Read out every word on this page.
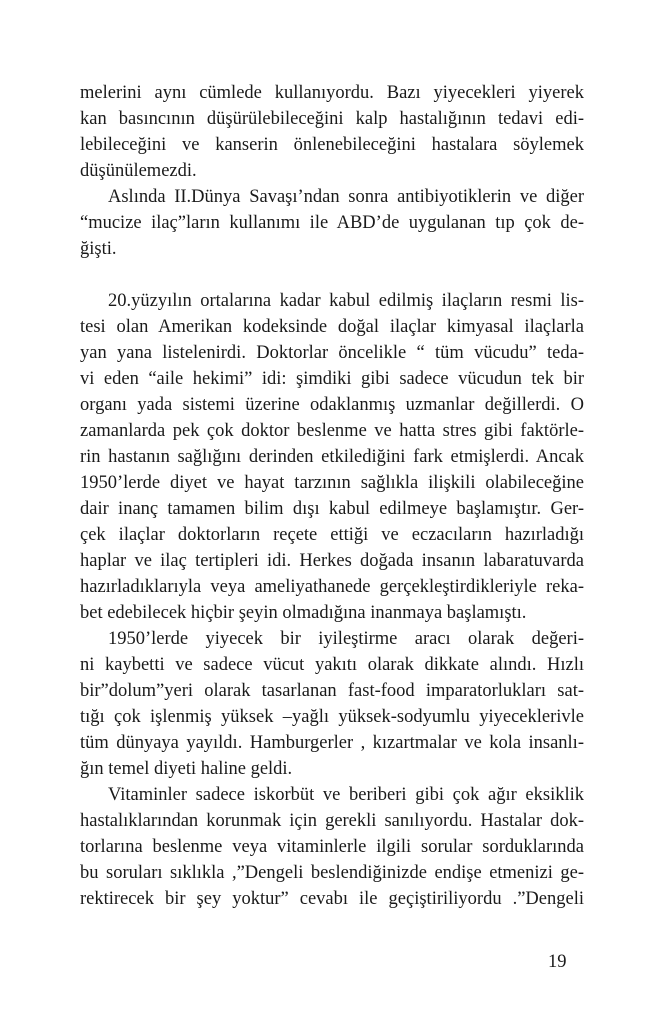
melerini aynı cümlede kullanıyordu. Bazı yiyecekleri yiyerek
kan basıncının düşürülebileceğini kalp hastalığının tedavi edi-
lebileceğini ve kanserin önlenebileceğini hastalara söylemek
düşünülemezdi.
Aslında II.Dünya Savaşı’ndan sonra antibiyotiklerin ve diğer
“mucize ilaç”ların kullanımı ile ABD’de uygulanan tıp çok de-
ğişti.
20.yüzyılın ortalarına kadar kabul edilmiş ilaçların resmi lis-
tesi olan Amerikan kodeksinde doğal ilaçlar kimyasal ilaçlarla
yan yana listelenirdi. Doktorlar öncelikle “ tüm vücudu” teda-
vi eden “aile hekimi” idi: şimdiki gibi sadece vücudun tek bir
organı yada sistemi üzerine odaklanmış uzmanlar değillerdi. O
zamanlarda pek çok doktor beslenme ve hatta stres gibi faktörle-
rin hastanın sağlığını derinden etkilediğini fark etmişlerdi. Ancak
1950’lerde diyet ve hayat tarzının sağlıkla ilişkili olabileceğine
dair inanç tamamen bilim dışı kabul edilmeye başlamıştır. Ger-
çek ilaçlar doktorların reçete ettiği ve eczacıların hazırladığı
haplar ve ilaç tertipleri idi. Herkes doğada insanın labaratuvarda
hazırladıklarıyla veya ameliyathanede gerçekleştirdikleriyle reka-
bet edebilecek hiçbir şeyin olmadığına inanmaya başlamıştı.
1950’lerde yiyecek bir iyileştirme aracı olarak değeri-
ni kaybetti ve sadece vücut yakıtı olarak dikkate alındı. Hızlı
bir”dolum”yeri olarak tasarlanan fast-food imparatorlukları sat-
tığı çok işlenmiş yüksek –yağlı yüksek-sodyumlu yiyeceklerivle
tüm dünyaya yayıldı. Hamburgerler , kızartmalar ve kola insanlı-
ğın temel diyeti haline geldi.
Vitaminler sadece iskorbüt ve beriberi gibi çok ağır eksiklik
hastalıklarından korunmak için gerekli sanılıyordu. Hastalar dok-
torlarına beslenme veya vitaminlerle ilgili sorular sorduklarında
bu soruları sıklıkla ,”Dengeli beslendiğinizde endişe etmenizi ge-
rektirecek bir şey yoktur” cevabı ile geçiştiriliyordu .”Dengeli
19
